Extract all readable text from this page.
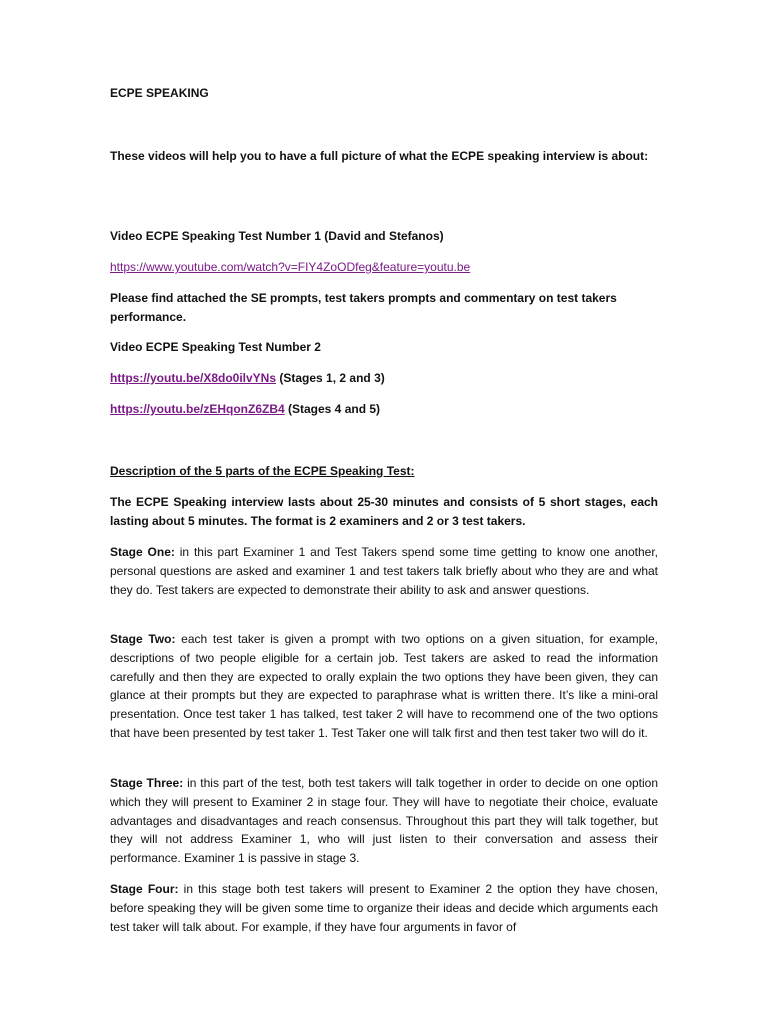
ECPE SPEAKING
These videos will help you to have a full picture of what the ECPE speaking interview is about:
Video ECPE Speaking Test Number 1 (David and Stefanos)
https://www.youtube.com/watch?v=FIY4ZoODfeg&feature=youtu.be
Please find attached the SE prompts, test takers prompts and commentary on test takers performance.
Video ECPE Speaking Test Number 2
https://youtu.be/X8do0ilvYNs (Stages 1, 2 and 3)
https://youtu.be/zEHqonZ6ZB4 (Stages 4 and 5)
Description of the 5 parts of the ECPE Speaking Test:
The ECPE Speaking interview lasts about 25-30 minutes and consists of 5 short stages, each lasting about 5 minutes. The format is 2 examiners and 2 or 3 test takers.
Stage One: in this part Examiner 1 and Test Takers spend some time getting to know one another, personal questions are asked and examiner 1 and test takers talk briefly about who they are and what they do. Test takers are expected to demonstrate their ability to ask and answer questions.
Stage Two: each test taker is given a prompt with two options on a given situation, for example, descriptions of two people eligible for a certain job. Test takers are asked to read the information carefully and then they are expected to orally explain the two options they have been given, they can glance at their prompts but they are expected to paraphrase what is written there. It’s like a mini-oral presentation. Once test taker 1 has talked, test taker 2 will have to recommend one of the two options that have been presented by test taker 1. Test Taker one will talk first and then test taker two will do it.
Stage Three: in this part of the test, both test takers will talk together in order to decide on one option which they will present to Examiner 2 in stage four. They will have to negotiate their choice, evaluate advantages and disadvantages and reach consensus. Throughout this part they will talk together, but they will not address Examiner 1, who will just listen to their conversation and assess their performance. Examiner 1 is passive in stage 3.
Stage Four: in this stage both test takers will present to Examiner 2 the option they have chosen, before speaking they will be given some time to organize their ideas and decide which arguments each test taker will talk about. For example, if they have four arguments in favor of
